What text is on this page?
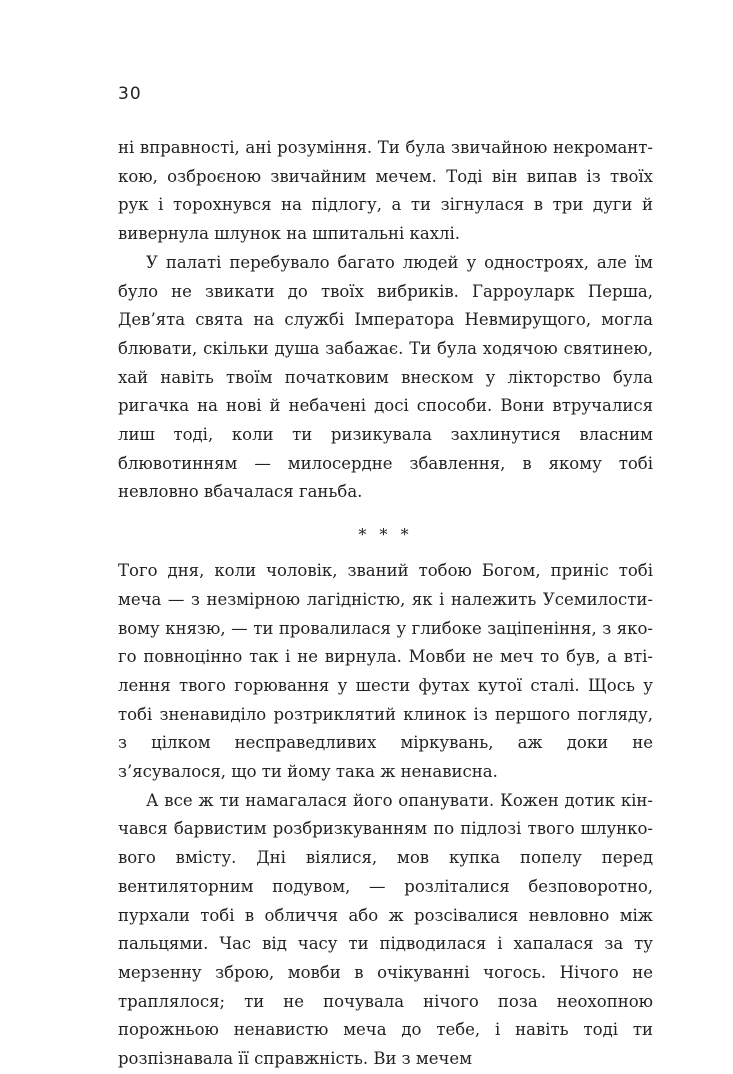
30

ні вправності, ані розуміння. Ти була звичайною некроманткою, озброєною звичайним мечем. Тоді він випав із твоїх рук і торохнувся на підлогу, а ти зігнулася в три дуги й вивернула шлунок на шпитальні кахлі.

У палаті перебувало багато людей у одностроях, але їм було не звикати до твоїх вибриків. Гарроуларк Перша, Дев’ята свята на службі Імператора Невмирущого, могла блювати, скільки душа забажає. Ти була ходячою святинею, хай навіть твоїм початковим внеском у лікторство була ригачка на нові й небачені досі способи. Вони втручалися лиш тоді, коли ти ризикувала захлинутися власним блювотинням — милосердне збавлення, в якому тобі невловно вбачалася ганьба.

* * *

Того дня, коли чоловік, званий тобою Богом, приніс тобі меча — з незмірною лагідністю, як і належить Усемилостивому князю, — ти провалилася у глибоке заціпеніння, з якого повноцінно так і не вирнула. Мовби не меч то був, а втілення твого горювання у шести футах кутої сталі. Щось у тобі зненавиділо розтриклятий клинок із першого погляду, з цілком несправедливих міркувань, аж доки не з’ясувалося, що ти йому така ж ненависна.

А все ж ти намагалася його опанувати. Кожен дотик кінчався барвистим розбризкуванням по підлозі твого шлункового вмісту. Дні віялися, мов купка попелу перед вентиляторним подувом, — розліталися безповоротно, пурхали тобі в обличчя або ж розсівалися невловно між пальцями. Час від часу ти підводилася і хапалася за ту мерзенну зброю, мовби в очікуванні чогось. Нічого не траплялося; ти не почувала нічого поза неохопною порожньою ненавистю меча до тебе, і навіть тоді ти розпізнавала її справжність. Ви з мечем
